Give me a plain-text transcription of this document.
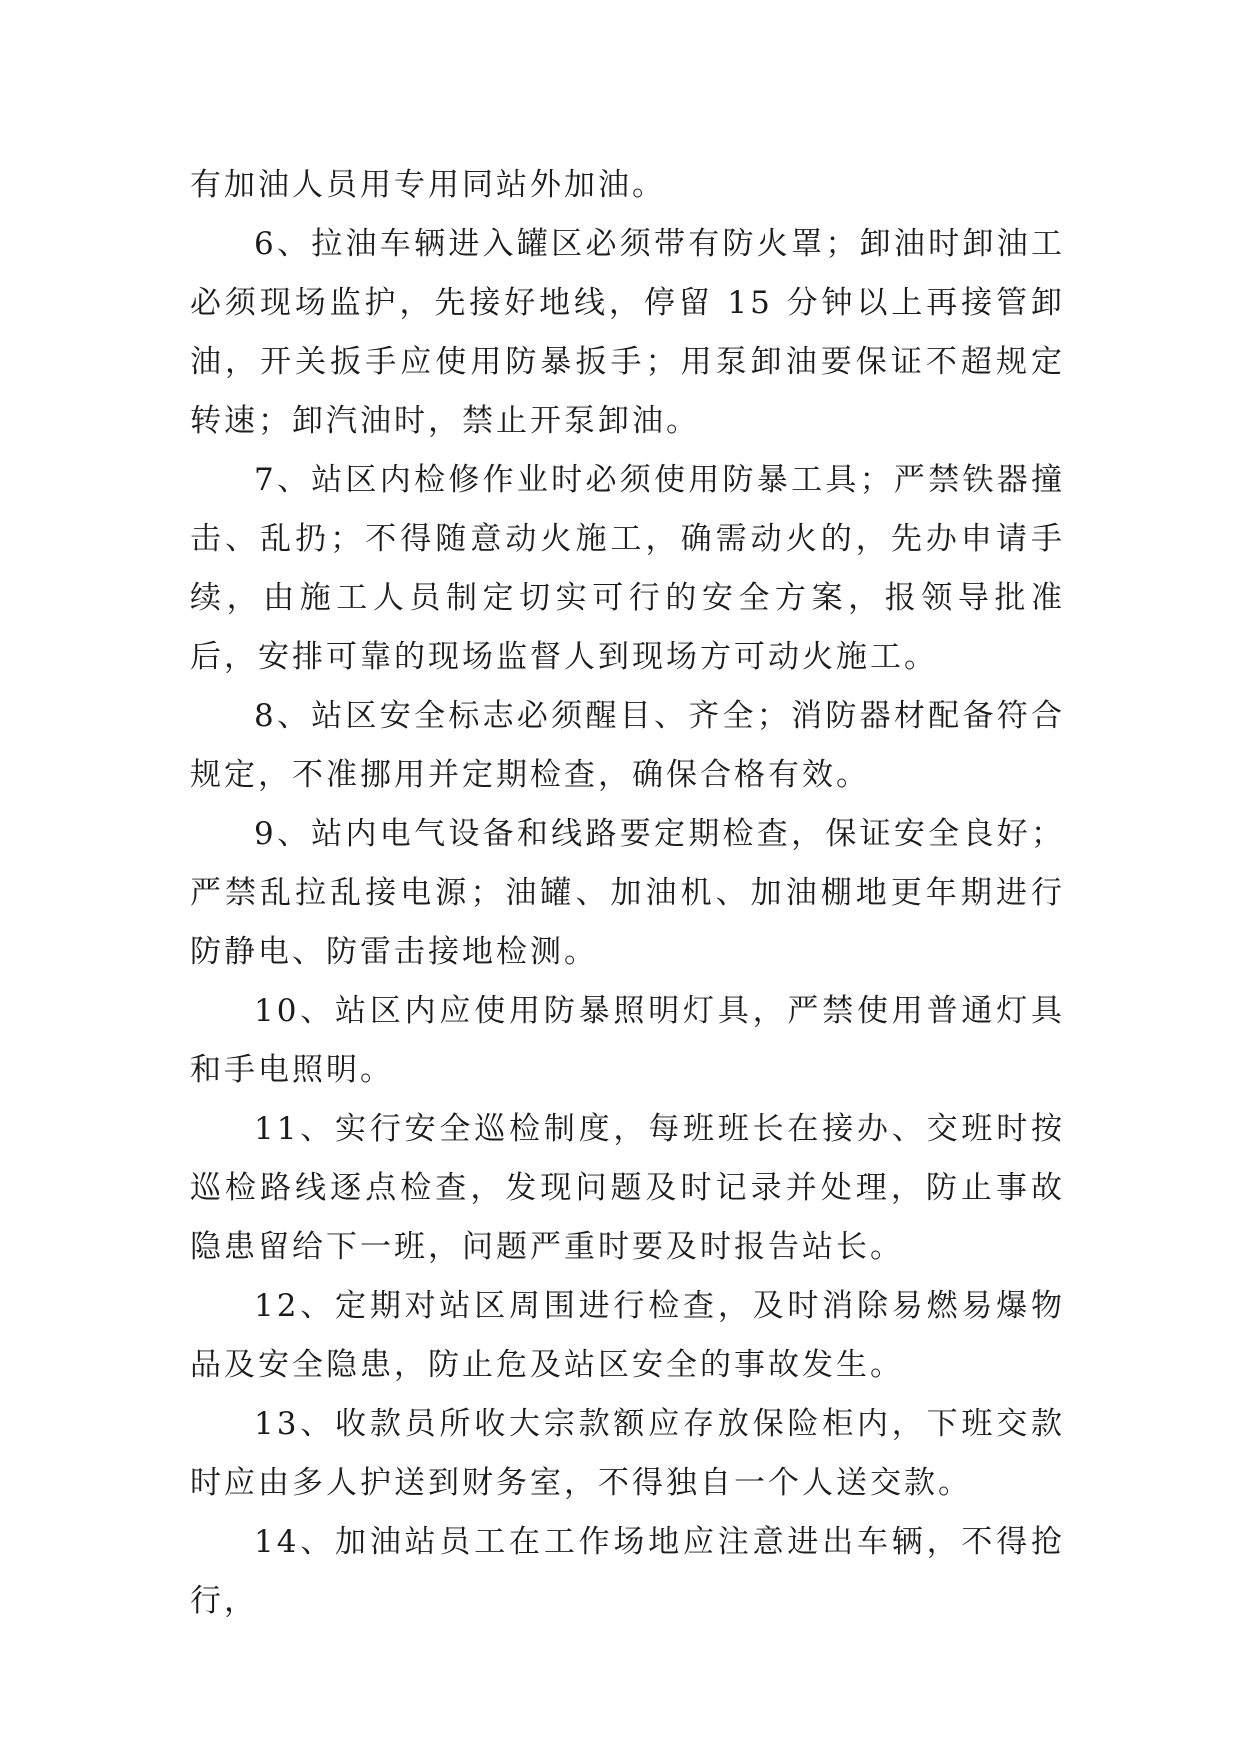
有加油人员用专用同站外加油。

6、拉油车辆进入罐区必须带有防火罩；卸油时卸油工必须现场监护，先接好地线，停留 15 分钟以上再接管卸油，开关扳手应使用防暴扳手；用泵卸油要保证不超规定转速；卸汽油时，禁止开泵卸油。

7、站区内检修作业时必须使用防暴工具；严禁铁器撞击、乱扔；不得随意动火施工，确需动火的，先办申请手续，由施工人员制定切实可行的安全方案，报领导批准后，安排可靠的现场监督人到现场方可动火施工。

8、站区安全标志必须醒目、齐全；消防器材配备符合规定，不准挪用并定期检查，确保合格有效。

9、站内电气设备和线路要定期检查，保证安全良好；严禁乱拉乱接电源；油罐、加油机、加油棚地更年期进行防静电、防雷击接地检测。

10、站区内应使用防暴照明灯具，严禁使用普通灯具和手电照明。

11、实行安全巡检制度，每班班长在接办、交班时按巡检路线逐点检查，发现问题及时记录并处理，防止事故隐患留给下一班，问题严重时要及时报告站长。

12、定期对站区周围进行检查，及时消除易燃易爆物品及安全隐患，防止危及站区安全的事故发生。

13、收款员所收大宗款额应存放保险柜内，下班交款时应由多人护送到财务室，不得独自一个人送交款。

14、加油站员工在工作场地应注意进出车辆，不得抢行，
